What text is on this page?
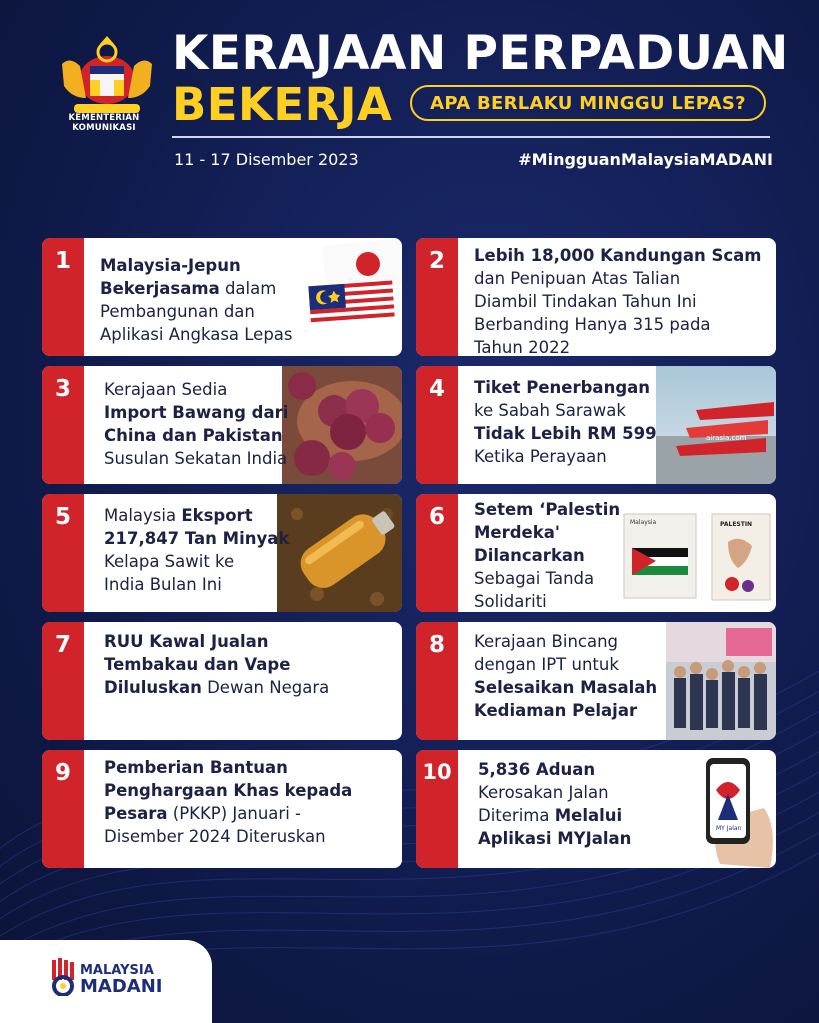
KEMENTERIAN KOMUNIKASI
KERAJAAN PERPADUAN
BEKERJA	APA BERLAKU MINGGU LEPAS?
11 - 17 Disember 2023	#MingguanMalaysiaMADANI
1	Malaysia-Jepun
Bekerjasama dalam
Pembangunan dan
Aplikasi Angkasa Lepas
2	Lebih 18,000 Kandungan Scam
dan Penipuan Atas Talian
Diambil Tindakan Tahun Ini
Berbanding Hanya 315 pada
Tahun 2022
3	Kerajaan Sedia
Import Bawang dari
China dan Pakistan
Susulan Sekatan India
4
airasia.com
Tiket Penerbangan
ke Sabah Sarawak
Tidak Lebih RM 599
Ketika Perayaan
5	Malaysia Eksport
217,847 Tan Minyak
Kelapa Sawit ke
India Bulan Ini
6	Malaysia	PALESTIN
Setem ‘Palestin
Merdeka'
Dilancarkan
Sebagai Tanda
Solidariti
7	RUU Kawal Jualan
Tembakau dan Vape
Diluluskan Dewan Negara
8	Kerajaan Bincang
dengan IPT untuk
Selesaikan Masalah
Kediaman Pelajar
9	Pemberian Bantuan
Penghargaan Khas kepada
Pesara (PKKP) Januari -
Disember 2024 Diteruskan
10
MY Jalan
5,836 Aduan
Kerosakan Jalan
Diterima Melalui
Aplikasi MYJalan
MALAYSIA
MADANI
